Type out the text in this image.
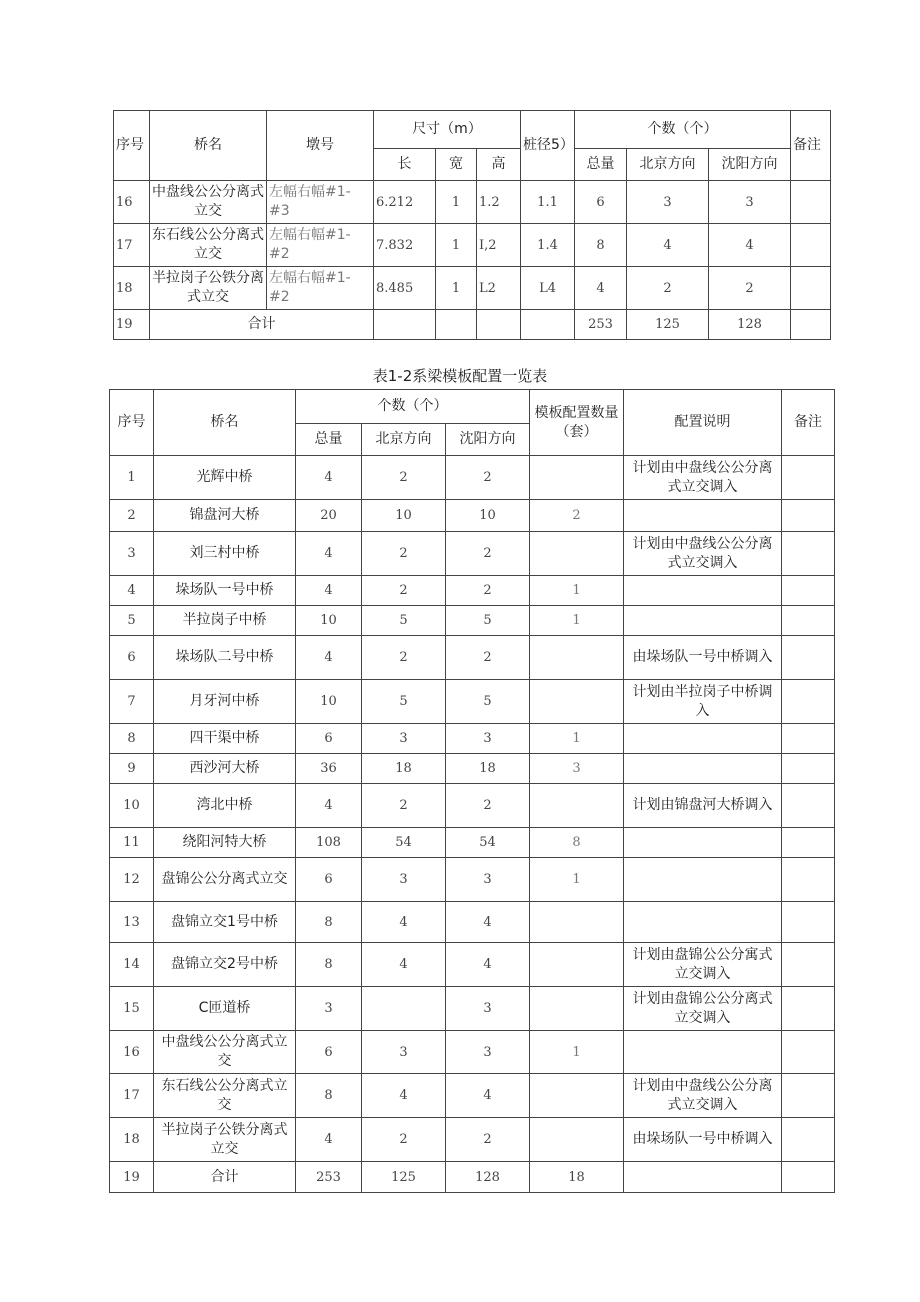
序号	桥名	墩号	尺寸（m）			桩径5）	个数（个）			备注
			长	宽	高		总量	北京方向	沈阳方向	
16	中盘线公公分离式立交	左幅右幅#1-#3	6.212	1	1.2	1.1	6	3	3	
17	东石线公公分离式立交	左幅右幅#1-#2	7.832	1	I,2	1.4	8	4	4	
18	半拉岗子公铁分离式立交	左幅右幅#1-#2	8.485	1	L2	L4	4	2	2	
19	合计						253	125	128	
表1-2系梁模板配置一览表
序号	桥名	个数（个）			模板配置数量（套）	配置说明	备注
		总量	北京方向	沈阳方向			
1	光辉中桥	4	2	2		计划由中盘线公公分离式立交调入	
2	锦盘河大桥	20	10	10	2		
3	刘三村中桥	4	2	2		计划由中盘线公公分离式立交调入	
4	垛场队一号中桥	4	2	2	1		
5	半拉岗子中桥	10	5	5	1		
6	垛场队二号中桥	4	2	2		由垛场队一号中桥调入	
7	月牙河中桥	10	5	5		计划由半拉岗子中桥调入	
8	四干渠中桥	6	3	3	1		
9	西沙河大桥	36	18	18	3		
10	湾北中桥	4	2	2		计划由锦盘河大桥调入	
11	绕阳河特大桥	108	54	54	8		
12	盘锦公公分离式立交	6	3	3	1		
13	盘锦立交1号中桥	8	4	4			
14	盘锦立交2号中桥	8	4	4		计划由盘锦公公分寓式立交调入	
15	C匝道桥	3		3		计划由盘锦公公分离式立交调入	
16	中盘线公公分离式立交	6	3	3	1		
17	东石线公公分离式立交	8	4	4		计划由中盘线公公分离式立交调入	
18	半拉岗子公铁分离式立交	4	2	2		由垛场队一号中桥调入	
19	合计	253	125	128	18		
